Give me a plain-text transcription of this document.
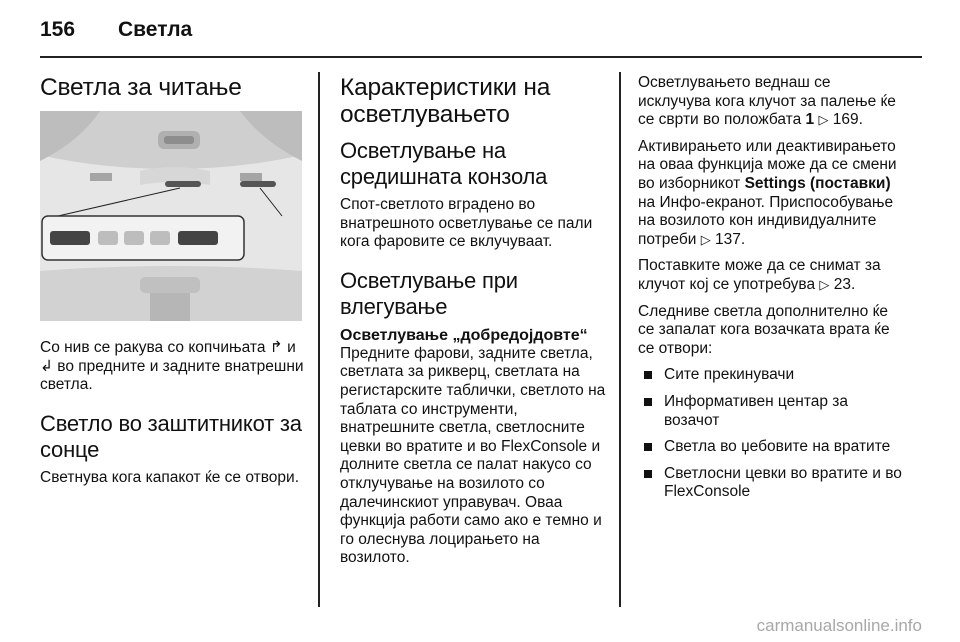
156 Светла
Светла за читање

Со нив се ракува со копчињата ↱ и ↲ во предните и задните внатрешни светла.

Светло во заштитникот за сонце

Светнува кога капакот ќе се отвори.

Карактеристики на осветлувањето
Осветлување на средишната конзола

Спот-светлото вградено во внатрешното осветлување се пали кога фаровите се вклучуваат.

Осветлување при влегување
Осветлување „добредојдовте“

Предните фарови, задните светла, светлата за рикверц, светлата на регистарските таблички, светлото на таблата со инструменти, внатрешните светла, светлосните цевки во вратите и во FlexConsole и долните светла се палат накусо со отклучување на возилото со далечинскиот управувач. Оваа функција работи само ако е темно и го олеснува лоцирањето на возилото.

Осветлувањето веднаш се исклучува кога клучот за палење ќе се сврти во положбата 1 ▷ 169.

Активирањето или деактивирањето на оваа функција може да се смени во изборникот Settings (поставки) на Инфо-екранот. Приспособување на возилото кон индивидуалните потреби ▷ 137.

Поставките може да се снимат за клучот кој се употребува ▷ 23.

Следниве светла дополнително ќе се запалат кога возачката врата ќе се отвори:

Сите прекинувачи
Информативен центар за возачот
Светла во џебовите на вратите
Светлосни цевки во вратите и во FlexConsole
carmanualsonline.info
